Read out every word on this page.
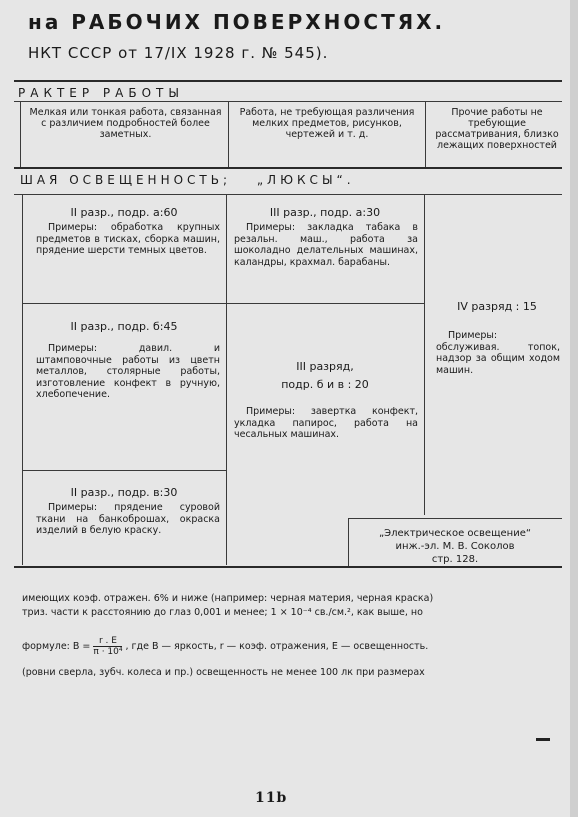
на РАБОЧИХ ПОВЕРХНОСТЯХ.
НКТ СССР от 17/IX 1928 г. № 545).
РАКТЕР РАБОТЫ
Мелкая или тонкая работа, связанная с различием подробностей более заметных.
Работа, не требующая различения мелких предметов, рисунков, чертежей и т. д.
Прочие работы не требующие рассматривания, близко лежащих поверхностей
ШАЯ ОСВЕЩЕННОСТЬ; „ЛЮКСЫ“.
II разр., подр. а:60
Примеры: обработка крупных предметов в тисках, сборка машин, прядение шерсти темных цветов.
II разр., подр. б:45
Примеры: давил. и штамповочные работы из цветн металлов, столярные работы, изготовление конфект в ручную, хлебопечение.
II разр., подр. в:30
Примеры: прядение суровой ткани на банкоброшах, окраска изделий в белую краску.
III разр., подр. а:30
Примеры: закладка табака в резальн. маш., работа за шоколадно делательных машинах, каландры, крахмал. барабаны.
III разряд,
подр. б и в : 20
Примеры: завертка конфект, укладка папирос, работа на чесальных машинах.
IV разряд : 15
Примеры: обслуживая. топок, надзор за общим ходом машин.
„Электрическое освещение“
инж.-эл. М. В. Соколов
стр. 128.
имеющих коэф. отражен. 6% и ниже (например: черная материя, черная краска)
триз. части к расстоянию до глаз 0,001 и менее; 1 × 10⁻⁴ св./см.², как выше, но
формуле: $В = \frac{r . E}{\text{π · 10⁴}}$ , где В — яркость, r — коэф. отражения, Е — освещенность.
(ровни сверла, зубч. колеса и пр.) освещенность не менее 100 лк при размерах
11b
